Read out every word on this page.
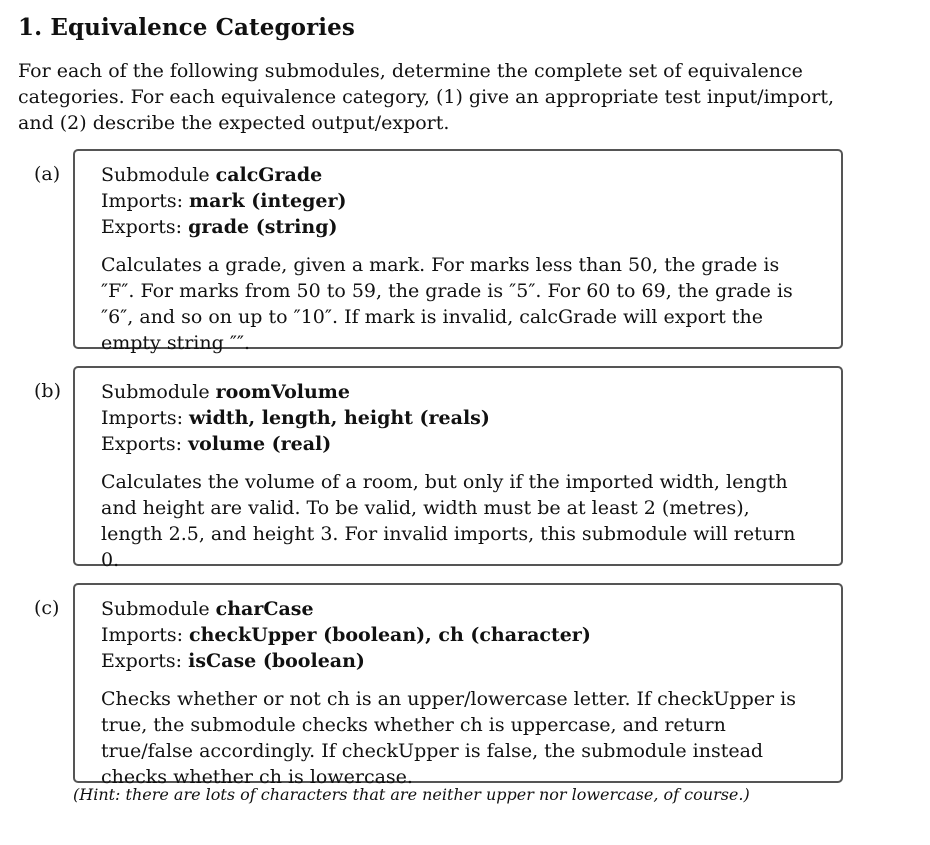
1. Equivalence Categories
For each of the following submodules, determine the complete set of equivalence categories. For each equivalence category, (1) give an appropriate test input/import, and (2) describe the expected output/export.
(a) Submodule calcGrade
Imports: mark (integer)
Exports: grade (string)
Calculates a grade, given a mark. For marks less than 50, the grade is ″F″. For marks from 50 to 59, the grade is ″5″. For 60 to 69, the grade is ″6″, and so on up to ″10″. If mark is invalid, calcGrade will export the empty string ″″.
(b) Submodule roomVolume
Imports: width, length, height (reals)
Exports: volume (real)
Calculates the volume of a room, but only if the imported width, length and height are valid. To be valid, width must be at least 2 (metres), length 2.5, and height 3. For invalid imports, this submodule will return 0.
(c) Submodule charCase
Imports: checkUpper (boolean), ch (character)
Exports: isCase (boolean)
Checks whether or not ch is an upper/lowercase letter. If checkUpper is true, the submodule checks whether ch is uppercase, and return true/false accordingly. If checkUpper is false, the submodule instead checks whether ch is lowercase.
(Hint: there are lots of characters that are neither upper nor lowercase, of course.)
